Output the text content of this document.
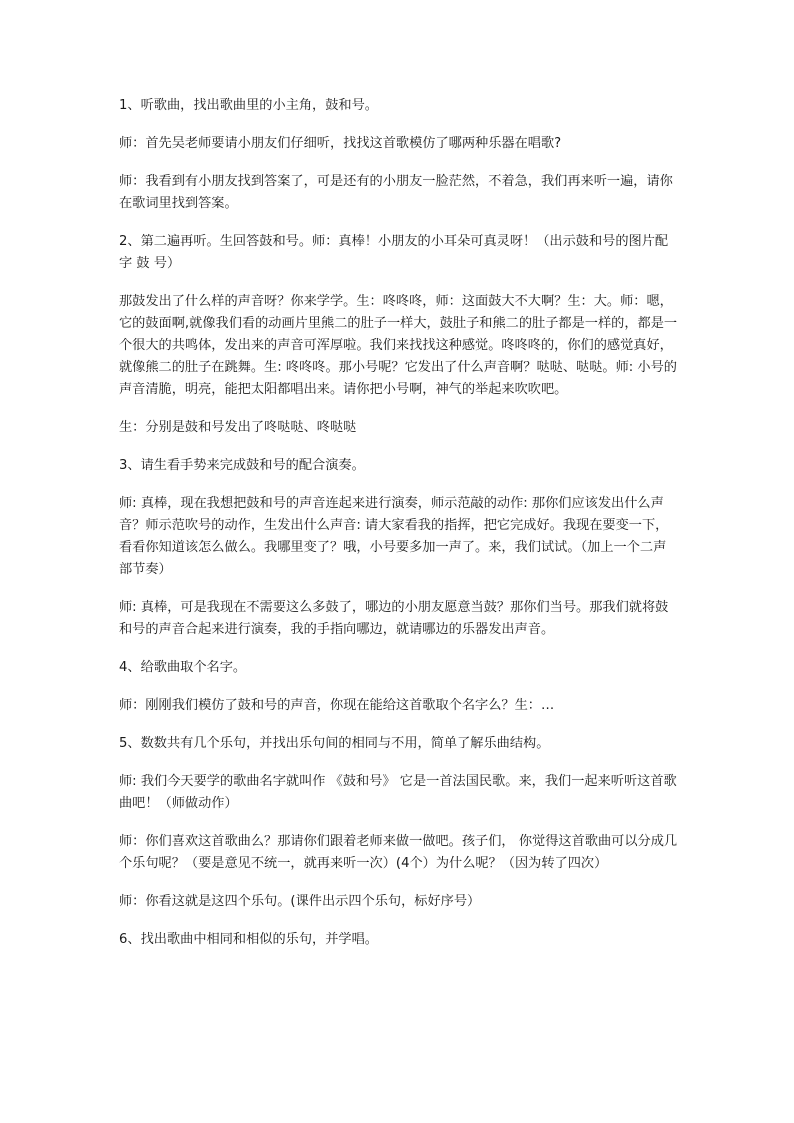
1、听歌曲，找出歌曲里的小主角，鼓和号。

师：首先吴老师要请小朋友们仔细听，找找这首歌模仿了哪两种乐器在唱歌?

师：我看到有小朋友找到答案了，可是还有的小朋友一脸茫然，不着急，我们再来听一遍，请你在歌词里找到答案。

2、第二遍再听。生回答鼓和号。师：真棒！小朋友的小耳朵可真灵呀！（出示鼓和号的图片配字 鼓 号）

那鼓发出了什么样的声音呀？你来学学。生：咚咚咚，师：这面鼓大不大啊？生：大。师：嗯，它的鼓面啊,就像我们看的动画片里熊二的肚子一样大，鼓肚子和熊二的肚子都是一样的，都是一个很大的共鸣体，发出来的声音可浑厚啦。我们来找找这种感觉。咚咚咚的，你们的感觉真好，就像熊二的肚子在跳舞。生: 咚咚咚。那小号呢？它发出了什么声音啊？哒哒、哒哒。师: 小号的声音清脆，明亮，能把太阳都唱出来。请你把小号啊，神气的举起来吹吹吧。

生：分别是鼓和号发出了咚哒哒、咚哒哒

3、请生看手势来完成鼓和号的配合演奏。

师: 真棒，现在我想把鼓和号的声音连起来进行演奏，师示范敲的动作: 那你们应该发出什么声音？师示范吹号的动作，生发出什么声音: 请大家看我的指挥，把它完成好。我现在要变一下，看看你知道该怎么做么。我哪里变了？哦，小号要多加一声了。来，我们试试。（加上一个二声部节奏）

师: 真棒，可是我现在不需要这么多鼓了，哪边的小朋友愿意当鼓？那你们当号。那我们就将鼓和号的声音合起来进行演奏，我的手指向哪边，就请哪边的乐器发出声音。

4、给歌曲取个名字。

师：刚刚我们模仿了鼓和号的声音，你现在能给这首歌取个名字么？生：…

5、数数共有几个乐句，并找出乐句间的相同与不用，简单了解乐曲结构。

师: 我们今天要学的歌曲名字就叫作 《鼓和号》 它是一首法国民歌。来，我们一起来听听这首歌曲吧！（师做动作）

师：你们喜欢这首歌曲么？那请你们跟着老师来做一做吧。孩子们， 你觉得这首歌曲可以分成几个乐句呢？（要是意见不统一，就再来听一次）(4个）为什么呢？（因为转了四次）

师：你看这就是这四个乐句。(课件出示四个乐句，标好序号）

6、找出歌曲中相同和相似的乐句，并学唱。
